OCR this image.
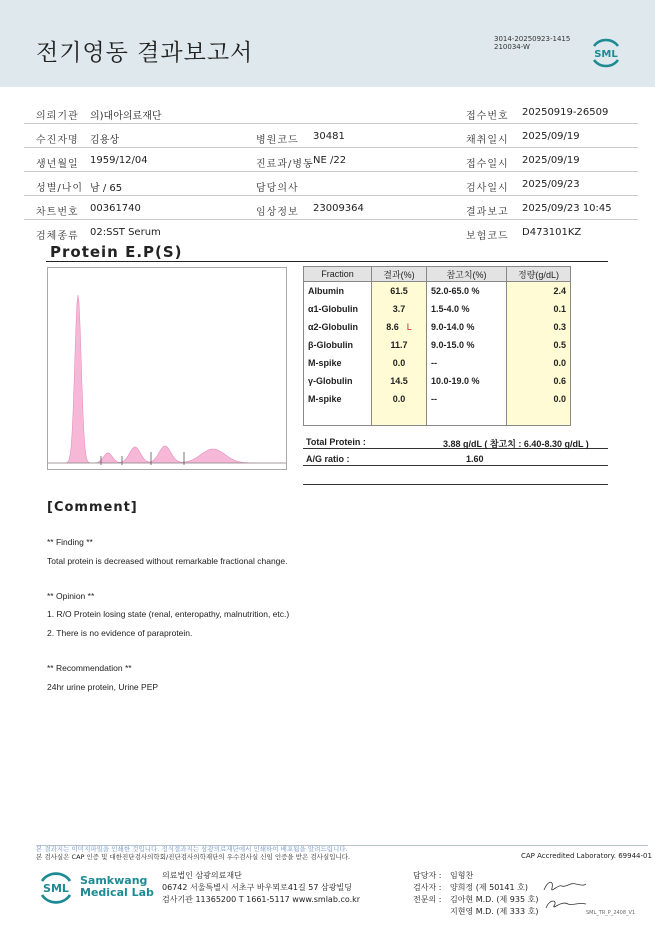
전기영동 결과보고서
3014-20250923-1415
210034-W
SML
의뢰기관 의)대아의료재단	접수번호 20250919-26509
수진자명 김용상	병원코드 30481	채취일시 2025/09/19
생년월일 1959/12/04	진료과/병동 NE /22	접수일시 2025/09/19
성별/나이 남 / 65	담당의사	검사일시 2025/09/23
차트번호 00361740	임상정보 23009364	결과보고 2025/09/23 10:45
검체종류 02:SST Serum	보험코드 D473101KZ
Protein E.P(S)
Fraction	결과(%)	참고치(%)	정량(g/dL)
Albumin	61.5	52.0-65.0 %	2.4
α1-Globulin	3.7	1.5-4.0 %	0.1
α2-Globulin	8.6 L	9.0-14.0 %	0.3
β-Globulin	11.7	9.0-15.0 %	0.5
M-spike	0.0	--	0.0
γ-Globulin	14.5	10.0-19.0 %	0.6
M-spike	0.0	--	0.0

Total Protein :	3.88 g/dL ( 참고치 : 6.40-8.30 g/dL )
A/G ratio :	1.60
[Comment]
** Finding **
Total protein is decreased without remarkable fractional change.
** Opinion **
1. R/O Protein losing state (renal, enteropathy, malnutrition, etc.)
2. There is no evidence of paraprotein.
** Recommendation **
24hr urine protein, Urine PEP
본 결과지는 이미지파일을 인쇄한 것입니다. 정식결과지는 삼광의료재단에서 인쇄하여 배포됨을 알려드립니다.
본 검사실은 CAP 인증 및 대한진단검사의학회/진단검사의학재단의 우수검사실 신임 인증을 받은 검사실입니다.	CAP Accredited Laboratory. 69944-01
SML
Samkwang
Medical Lab
의료법인 삼광의료재단
06742 서울특별시 서초구 바우뫼로41길 57 삼광빌딩
검사기관 11365200 T 1661-5117 www.smlab.co.kr
담당자 :
검사자 :
전문의 :
임형찬
양희정 (제 50141 호)
김아현 M.D. (제 935 호)
지현영 M.D. (제 333 호)	SML_TR_P_2408_V1
